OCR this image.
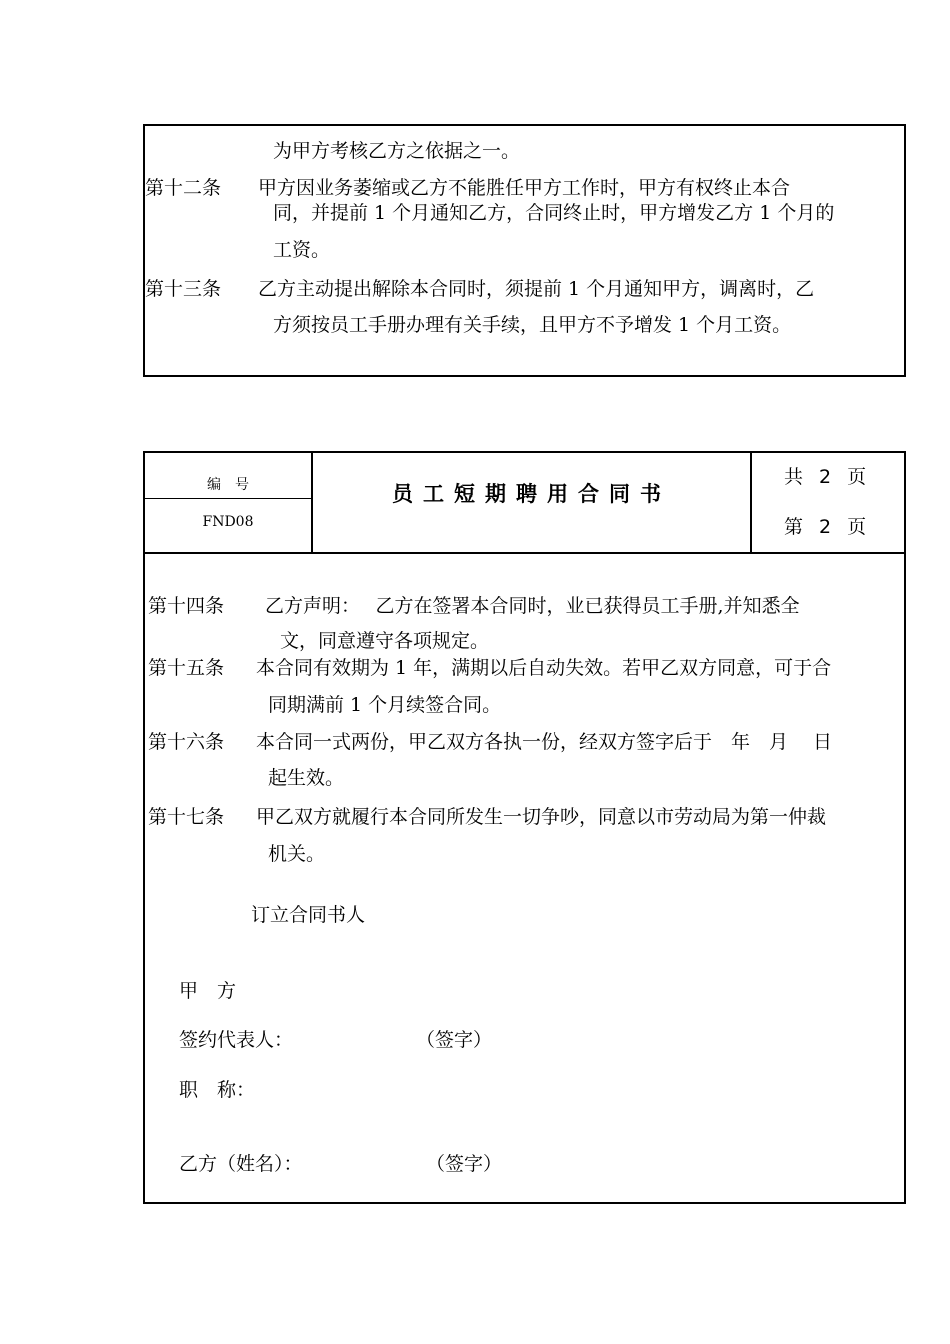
为甲方考核乙方之依据之一。
第十二条 甲方因业务萎缩或乙方不能胜任甲方工作时，甲方有权终止本合
同，并提前 1 个月通知乙方，合同终止时，甲方增发乙方 1 个月的
工资。
第十三条 乙方主动提出解除本合同时，须提前 1 个月通知甲方，调离时，乙
方须按员工手册办理有关手续，且甲方不予增发 1 个月工资。
编　号
FND08
员工短期聘用合同书
共 2 页
第 2 页
第十四条 乙方声明：　 乙方在签署本合同时，业已获得员工手册,并知悉全
文，同意遵守各项规定。
第十五条 本合同有效期为 1 年，满期以后自动失效。若甲乙双方同意，可于合
同期满前 1 个月续签合同。
第十六条 本合同一式两份，甲乙双方各执一份，经双方签字后于　年　月　 日
起生效。
第十七条 甲乙双方就履行本合同所发生一切争吵，同意以市劳动局为第一仲裁
机关。
订立合同书人
甲　方
签约代表人：	（签字）
职　称：
乙方（姓名）：	（签字）
